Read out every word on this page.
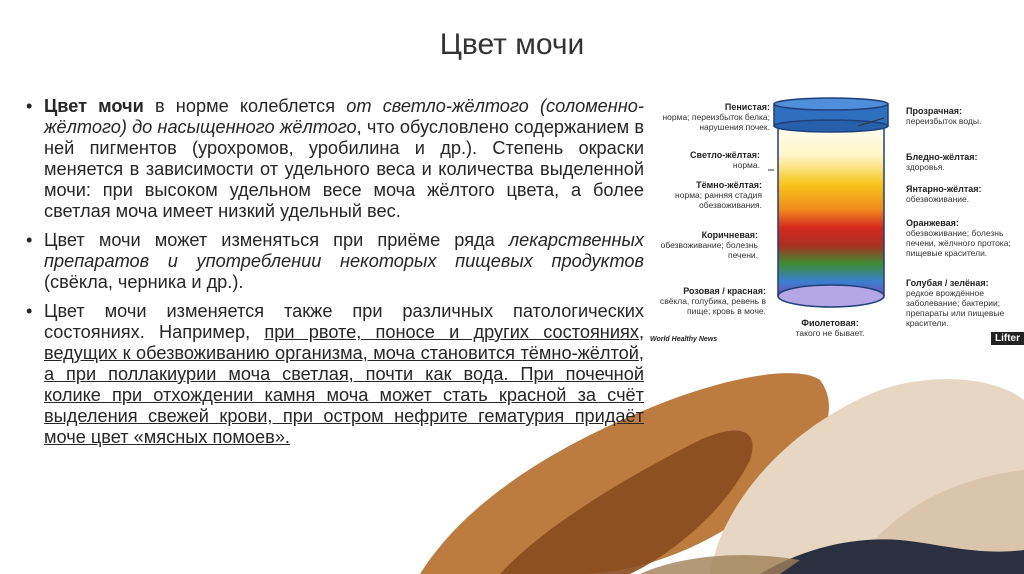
Цвет мочи
• Цвет мочи в норме колеблется от светло-жёлтого (соломенно-жёлтого) до насыщенного жёлтого, что обусловлено содержанием в ней пигментов (урохромов, уробилина и др.). Степень окраски меняется в зависимости от удельного веса и количества выделенной мочи: при высоком удельном весе моча жёлтого цвета, а более светлая моча имеет низкий удельный вес.
• Цвет мочи может изменяться при приёме ряда лекарственных препаратов и употреблении некоторых пищевых продуктов (свёкла, черника и др.).
• Цвет мочи изменяется также при различных патологических состояниях. Например, при рвоте, поносе и других состояниях, ведущих к обезвоживанию организма, моча становится тёмно-жёлтой, а при поллакиурии моча светлая, почти как вода. При почечной колике при отхождении камня моча может стать красной за счёт выделения свежей крови, при остром нефрите гематурия придаёт моче цвет «мясных помоев».
Пенистая:
норма; переизбыток белка; нарушения почек.
Светло-жёлтая:
норма.
Тёмно-жёлтая:
норма; ранняя стадия обезвоживания.
Коричневая:
обезвоживание; болезнь печени.
Розовая / красная:
свёкла, голубика, ревень в пище; кровь в моче.
Прозрачная:
переизбыток воды.
Бледно-жёлтая:
здоровья.
Янтарно-жёлтая:
обезвоживание.
Оранжевая:
обезвоживание; болезнь печени, жёлчного протока; пищевые красители.
Голубая / зелёная:
редкое врождённое заболевание; бактерии; препараты или пищевые красители.
Фиолетовая:
такого не бывает.
World Healthy News	Lifter
